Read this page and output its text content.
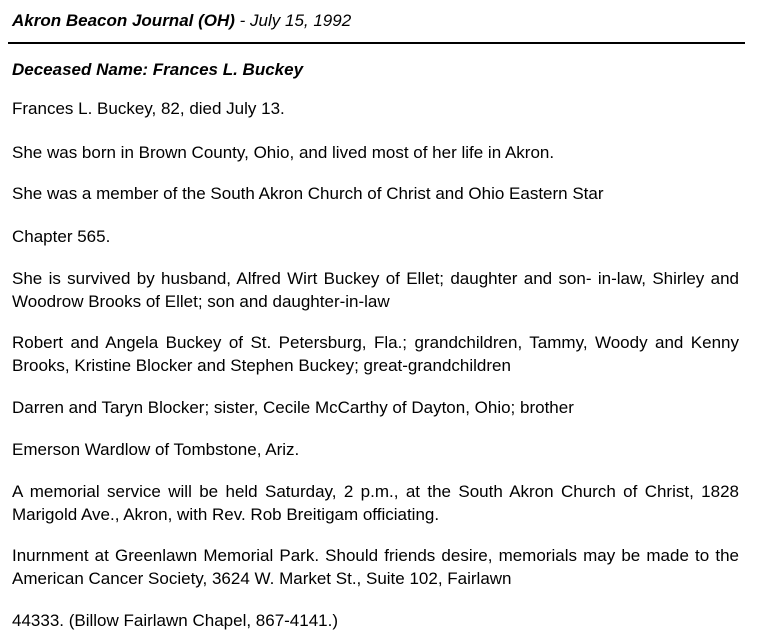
Akron Beacon Journal (OH) - July 15, 1992
Deceased Name: Frances L. Buckey

Frances L. Buckey, 82, died July 13.

She was born in Brown County, Ohio, and lived most of her life in Akron.

She was a member of the South Akron Church of Christ and Ohio Eastern Star

Chapter 565.

She is survived by husband, Alfred Wirt Buckey of Ellet; daughter and son- in-law, Shirley and Woodrow Brooks of Ellet; son and daughter-in-law

Robert and Angela Buckey of St. Petersburg, Fla.; grandchildren, Tammy, Woody and Kenny Brooks, Kristine Blocker and Stephen Buckey; great-grandchildren

Darren and Taryn Blocker; sister, Cecile McCarthy of Dayton, Ohio; brother

Emerson Wardlow of Tombstone, Ariz.

A memorial service will be held Saturday, 2 p.m., at the South Akron Church of Christ, 1828 Marigold Ave., Akron, with Rev. Rob Breitigam officiating.

Inurnment at Greenlawn Memorial Park. Should friends desire, memorials may be made to the American Cancer Society, 3624 W. Market St., Suite 102, Fairlawn

44333. (Billow Fairlawn Chapel, 867-4141.)
